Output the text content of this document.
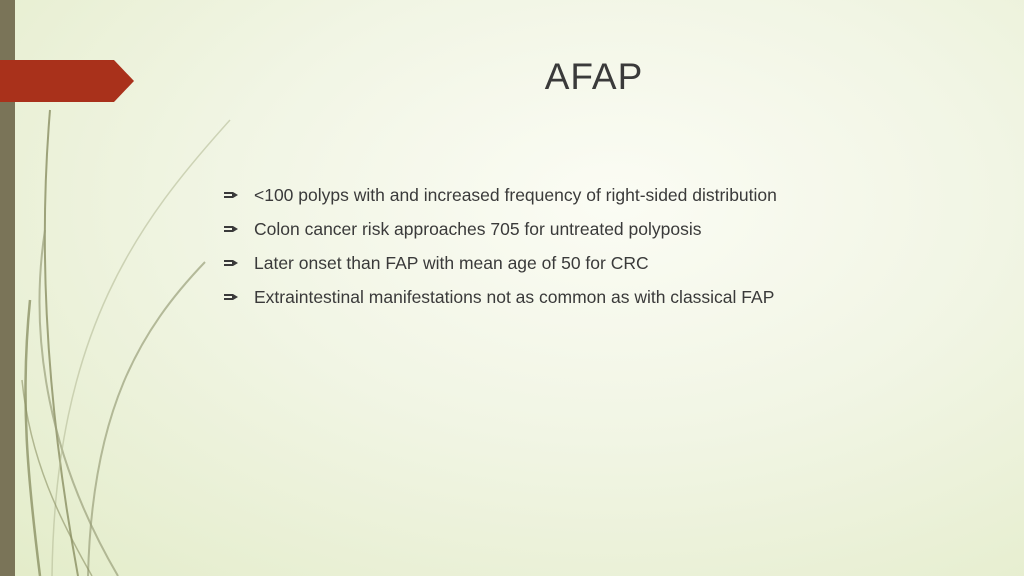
AFAP
<100 polyps with and increased frequency of right-sided distribution
Colon cancer risk approaches 705 for untreated polyposis
Later onset than FAP with mean age of 50 for CRC
Extraintestinal manifestations not as common as with classical FAP
